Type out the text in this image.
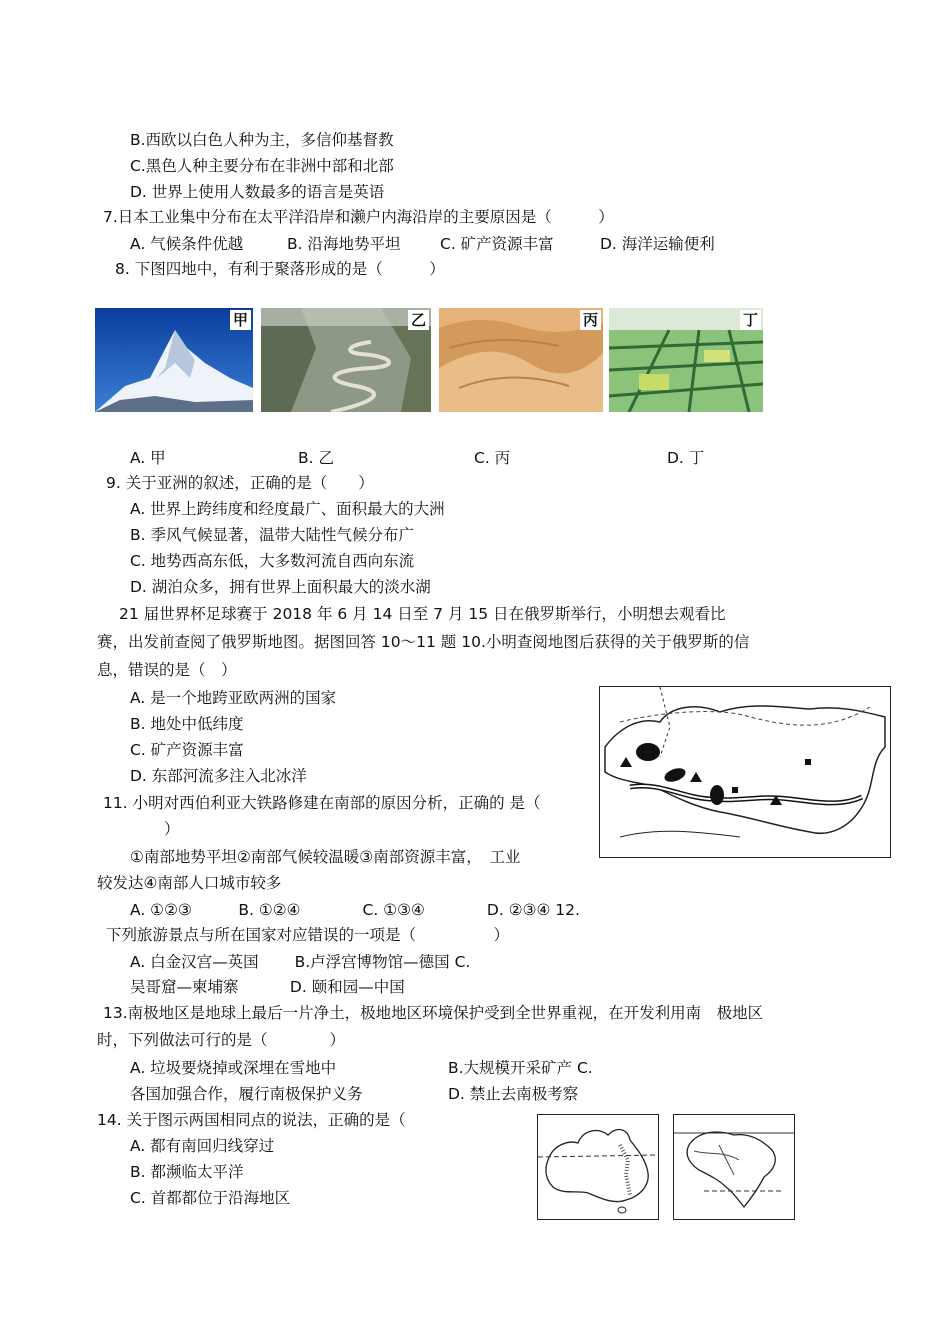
B.西欧以白色人种为主，多信仰基督教
C.黑色人种主要分布在非洲中部和北部
D. 世界上使用人数最多的语言是英语
7.日本工业集中分布在太平洋沿岸和濑户内海沿岸的主要原因是（　　　）
A. 气候条件优越	B. 沿海地势平坦	C. 矿产资源丰富	D. 海洋运输便利
8. 下图四地中，有利于聚落形成的是（　　　）
甲	乙	丙	丁
A. 甲	B. 乙	C. 丙	D. 丁
9. 关于亚洲的叙述，正确的是（　　）
A. 世界上跨纬度和经度最广、面积最大的大洲
B. 季风气候显著，温带大陆性气候分布广
C. 地势西高东低，大多数河流自西向东流
D. 湖泊众多，拥有世界上面积最大的淡水湖
21 届世界杯足球赛于 2018 年 6 月 14 日至 7 月 15 日在俄罗斯举行，小明想去观看比
赛，出发前查阅了俄罗斯地图。据图回答 10～11 题 10.小明查阅地图后获得的关于俄罗斯的信
息，错误的是（　）
A. 是一个地跨亚欧两洲的国家
B. 地处中低纬度
C. 矿产资源丰富
D. 东部河流多注入北冰洋
11. 小明对西伯利亚大铁路修建在南部的原因分析，正确的 是（
）
①南部地势平坦②南部气候较温暖③南部资源丰富，　工业
较发达④南部人口城市较多
A. ①②③　　　B. ①②④　　　　C. ①③④　　　　D. ②③④ 12.
下列旅游景点与所在国家对应错误的一项是（　　　　　）
A. 白金汉宫—英国　　 B.卢浮宫博物馆—德国 C.
吴哥窟—柬埔寨　　　 D. 颐和园—中国
13.南极地区是地球上最后一片净土，极地地区环境保护受到全世界重视，在开发利用南　极地区
时，下列做法可行的是（　　　　）
A. 垃圾要烧掉或深埋在雪地中	B.大规模开采矿产 C.
各国加强合作，履行南极保护义务	D. 禁止去南极考察
14. 关于图示两国相同点的说法，正确的是（
A. 都有南回归线穿过
B. 都濒临太平洋
C. 首都都位于沿海地区
